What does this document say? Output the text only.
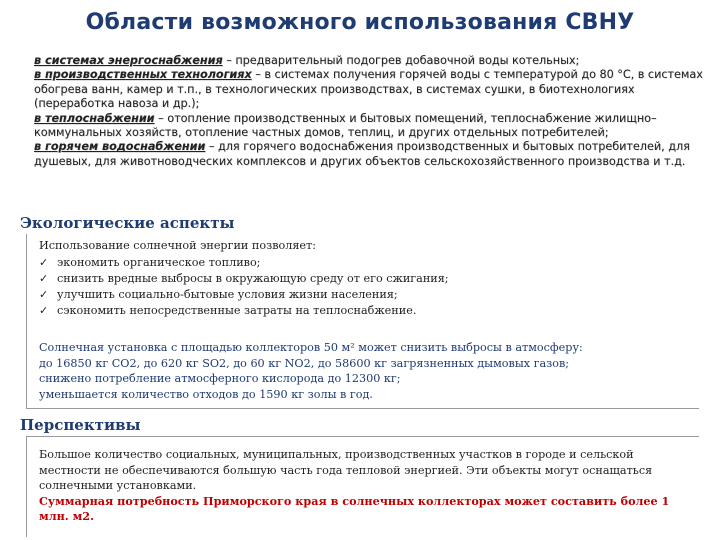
Области возможного использования СВНУ

в системах энергоснабжения – предварительный подогрев добавочной воды котельных;

в производственных технологиях – в системах получения горячей воды с температурой до 80 °С, в системах обогрева ванн, камер и т.п., в технологических производствах, в системах сушки, в биотехнологиях (переработка навоза и др.);

в теплоснабжении – отопление производственных и бытовых помещений, теплоснабжение жилищно–коммунальных хозяйств, отопление частных домов, теплиц, и других отдельных потребителей;

в горячем водоснабжении – для горячего водоснабжения производственных и бытовых потребителей, для душевых, для животноводческих комплексов и других объектов сельскохозяйственного производства и т.д.

Экологические аспекты
Использование солнечной энергии позволяет:
✓ экономить органическое топливо;
✓ снизить вредные выбросы в окружающую среду от его сжигания;
✓ улучшить социально-бытовые условия жизни населения;
✓ сэкономить непосредственные затраты на теплоснабжение.

Солнечная установка с площадью коллекторов 50 м² может снизить выбросы в атмосферу:

до 16850 кг СО2, до 620 кг SO2, до 60 кг NO2, до 58600 кг загрязненных дымовых газов;

снижено потребление атмосферного кислорода до 12300 кг;

уменьшается количество отходов до 1590 кг золы в год.

Перспективы

Большое количество социальных, муниципальных, производственных участков в городе и сельской местности не обеспечиваются большую часть года тепловой энергией. Эти объекты могут оснащаться солнечными установками.

Суммарная потребность Приморского края в солнечных коллекторах может составить более 1 млн. м2.
